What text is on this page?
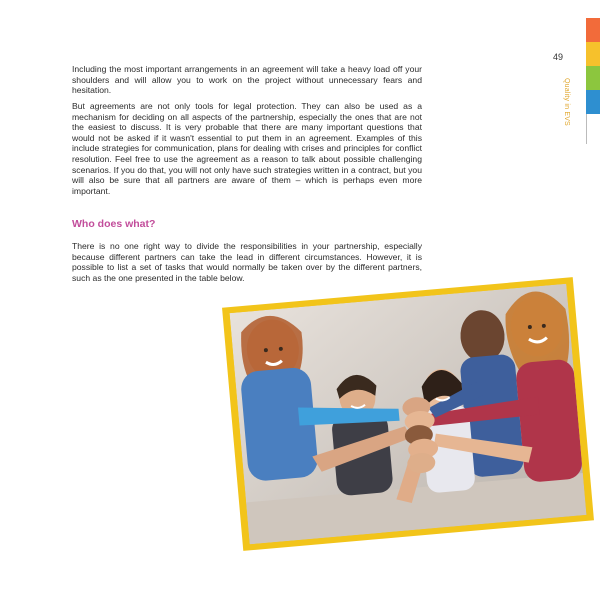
49
Quality in EVS

Including the most important arrangements in an agreement will take a heavy load off your shoulders and will allow you to work on the project without unnecessary fears and hesitation.

But agreements are not only tools for legal protection. They can also be used as a mechanism for deciding on all aspects of the partnership, especially the ones that are not the easiest to discuss. It is very probable that there are many important questions that would not be asked if it wasn't essential to put them in an agreement. Examples of this include strategies for communication, plans for dealing with crises and principles for conflict resolution. Feel free to use the agreement as a reason to talk about possible challenging scenarios. If you do that, you will not only have such strategies written in a contract, but you will also be sure that all partners are aware of them – which is perhaps even more important.

Who does what?

There is no one right way to divide the responsibilities in your partnership, especially because different partners can take the lead in different circumstances. However, it is possible to list a set of tasks that would normally be taken over by the different partners, such as the one presented in the table below.
